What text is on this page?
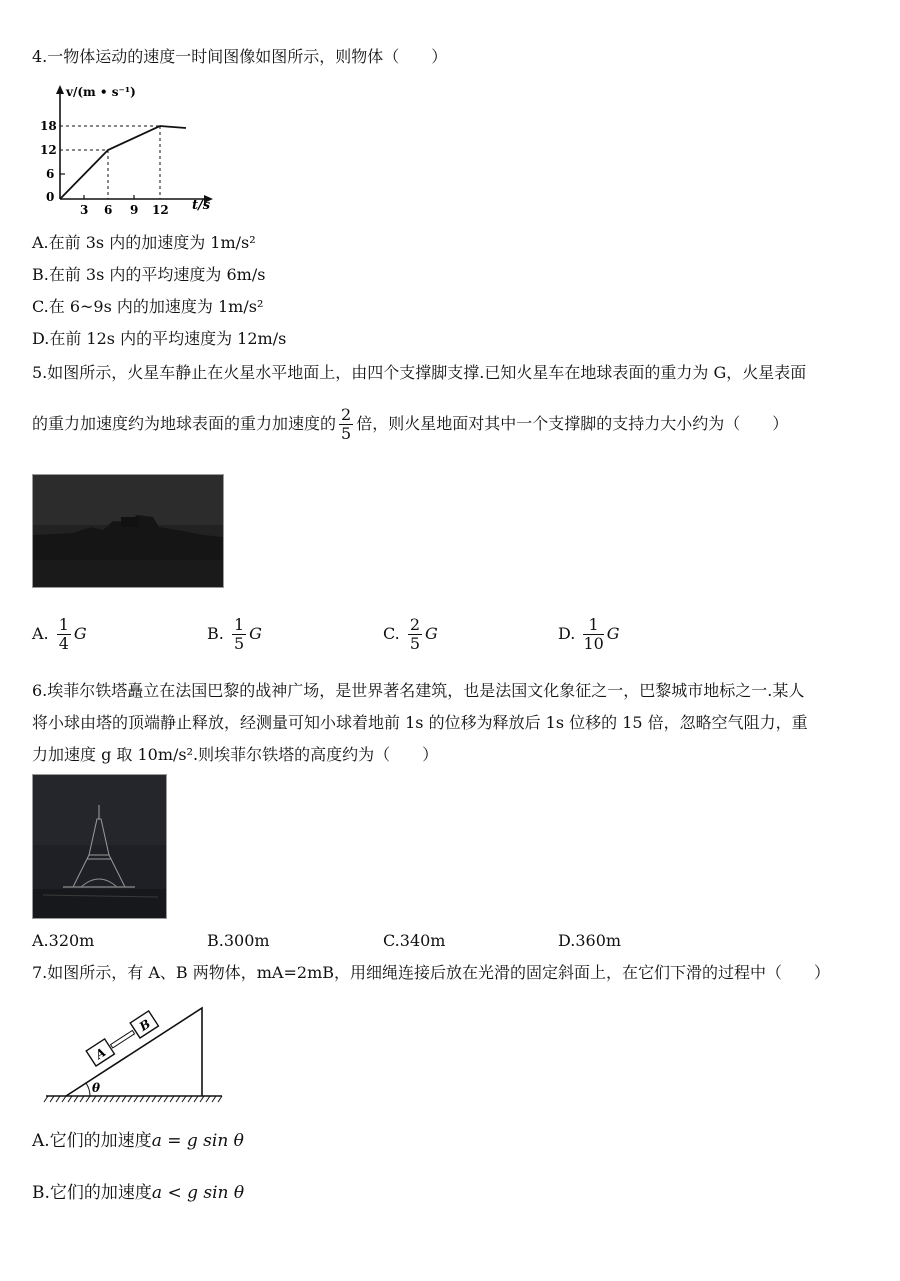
4.一物体运动的速度一时间图像如图所示，则物体（　　）
v/(m • s⁻¹)
t/s
18
12
6
0
3 6 9 12
A.在前 3s 内的加速度为 1m/s²
B.在前 3s 内的平均速度为 6m/s
C.在 6~9s 内的加速度为 1m/s²
D.在前 12s 内的平均速度为 12m/s
5.如图所示，火星车静止在火星水平地面上，由四个支撑脚支撑.已知火星车在地球表面的重力为 G，火星表面
的重力加速度约为地球表面的重力加速度的 $\frac{2}{5}$ 倍，则火星地面对其中一个支撑脚的支持力大小约为（　　）
A. $\frac{1}{4}$ G	B. $\frac{1}{5}$ G	C. $\frac{2}{5}$ G	D. $\frac{1}{10}$ G
6.埃菲尔铁塔矗立在法国巴黎的战神广场，是世界著名建筑，也是法国文化象征之一，巴黎城市地标之一.某人
将小球由塔的顶端静止释放，经测量可知小球着地前 1s 的位移为释放后 1s 位移的 15 倍，忽略空气阻力，重
力加速度 g 取 10m/s².则埃菲尔铁塔的高度约为（　　）
A.320m	B.300m	C.340m	D.360m
7.如图所示，有 A、B 两物体，mA=2mB，用细绳连接后放在光滑的固定斜面上，在它们下滑的过程中（　　）
θ
A
B
A.它们的加速度a = g sin θ
B.它们的加速度a < g sin θ
